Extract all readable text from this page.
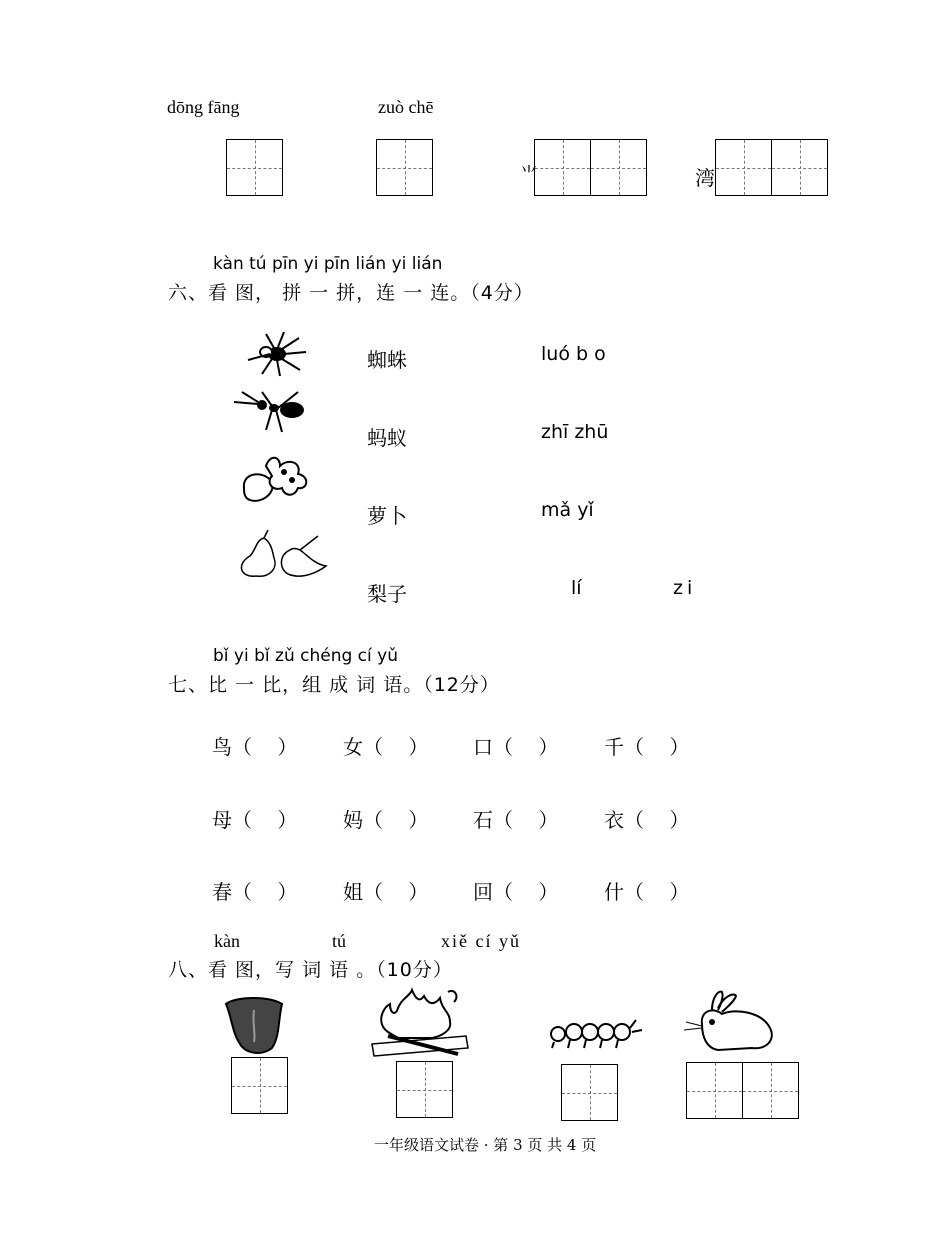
dōng fāng	zuò chē
⺌	湾
kàn tú pīn yi pīn lián yi lián
六、看 图， 拼 一 拼，连 一 连。（4分）
蜘蛛
蚂蚁
萝卜
梨子
luó b o
zhī zhū
mǎ yǐ
lí	zi
bǐ yi bǐ zǔ chéng cí yǔ
七、比 一 比，组 成 词 语。（12分）
鸟（    ） 女（    ） 口（    ） 千（    ）
母（    ） 妈（    ） 石（    ） 衣（    ）
春（    ） 姐（    ） 回（    ） 什（    ）
kàn	tú	xiě cí yǔ
八、看 图，写 词 语 。（10分）
一年级语文试卷 · 第 3 页 共 4 页
